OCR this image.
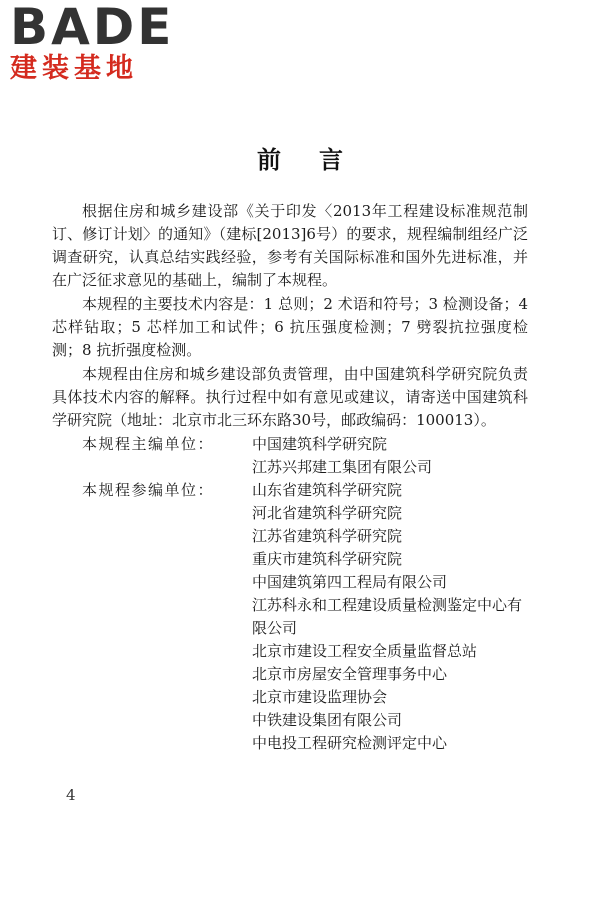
BADE
建装基地
前言

根据住房和城乡建设部《关于印发〈2013年工程建设标准规范制订、修订计划〉的通知》（建标[2013]6号）的要求，规程编制组经广泛调查研究，认真总结实践经验，参考有关国际标准和国外先进标准，并在广泛征求意见的基础上，编制了本规程。

本规程的主要技术内容是：1 总则；2 术语和符号；3 检测设备；4 芯样钻取；5 芯样加工和试件；6 抗压强度检测；7 劈裂抗拉强度检测；8 抗折强度检测。

本规程由住房和城乡建设部负责管理，由中国建筑科学研究院负责具体技术内容的解释。执行过程中如有意见或建议，请寄送中国建筑科学研究院（地址：北京市北三环东路30号，邮政编码：100013）。

本规程主编单位：	中国建筑科学研究院
江苏兴邦建工集团有限公司
本规程参编单位：	山东省建筑科学研究院
河北省建筑科学研究院
江苏省建筑科学研究院
重庆市建筑科学研究院
中国建筑第四工程局有限公司
江苏科永和工程建设质量检测鉴定中心有限公司
北京市建设工程安全质量监督总站
北京市房屋安全管理事务中心
北京市建设监理协会
中铁建设集团有限公司
中电投工程研究检测评定中心
4
